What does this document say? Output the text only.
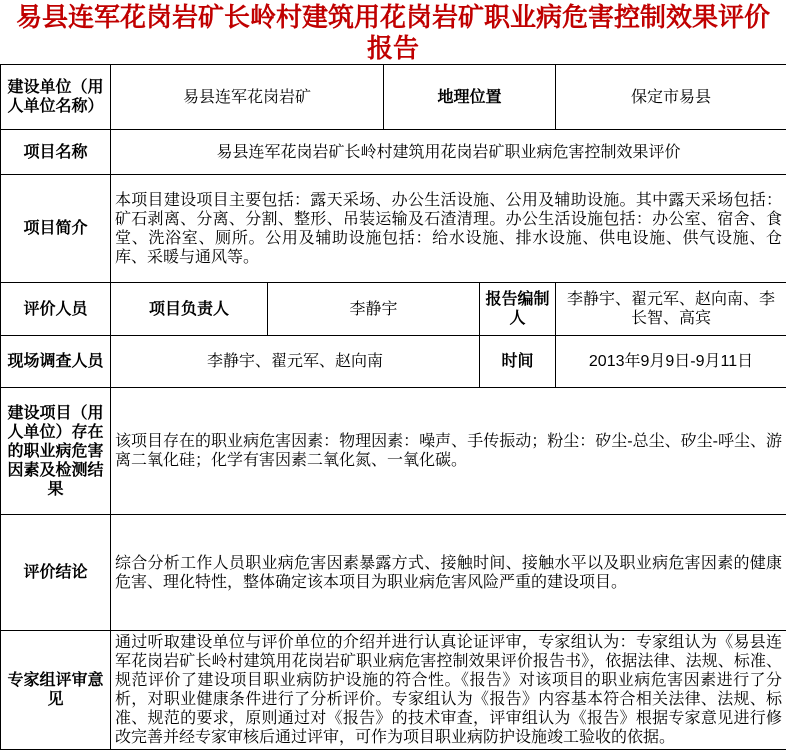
易县连军花岗岩矿长岭村建筑用花岗岩矿职业病危害控制效果评价报告
建设单位（用人单位名称）	易县连军花岗岩矿		地理位置		保定市易县
项目名称	易县连军花岗岩矿长岭村建筑用花岗岩矿职业病危害控制效果评价				
项目简介	本项目建设项目主要包括：露天采场、办公生活设施、公用及辅助设施。其中露天采场包括：矿石剥离、分离、分割、整形、吊装运输及石渣清理。办公生活设施包括：办公室、宿舍、食堂、洗浴室、厕所。公用及辅助设施包括：给水设施、排水设施、供电设施、供气设施、仓库、采暖与通风等。				
评价人员	项目负责人	李静宇		报告编制人	李静宇、翟元军、赵向南、李长智、高宾
现场调查人员	李静宇、翟元军、赵向南			时间	2013年9月9日-9月11日
建设项目（用人单位）存在的职业病危害因素及检测结果	该项目存在的职业病危害因素：物理因素：噪声、手传振动；粉尘：矽尘-总尘、矽尘-呼尘、游离二氧化硅；化学有害因素二氧化氮、一氧化碳。				
评价结论	综合分析工作人员职业病危害因素暴露方式、接触时间、接触水平以及职业病危害因素的健康危害、理化特性，整体确定该本项目为职业病危害风险严重的建设项目。				
专家组评审意见	通过听取建设单位与评价单位的介绍并进行认真论证评审，专家组认为：专家组认为《易县连军花岗岩矿长岭村建筑用花岗岩矿职业病危害控制效果评价报告书》，依据法律、法规、标准、规范评价了建设项目职业病防护设施的符合性。《报告》对该项目的职业病危害因素进行了分析，对职业健康条件进行了分析评价。专家组认为《报告》内容基本符合相关法律、法规、标准、规范的要求，原则通过对《报告》的技术审查，评审组认为《报告》根据专家意见进行修改完善并经专家审核后通过评审，可作为项目职业病防护设施竣工验收的依据。				
